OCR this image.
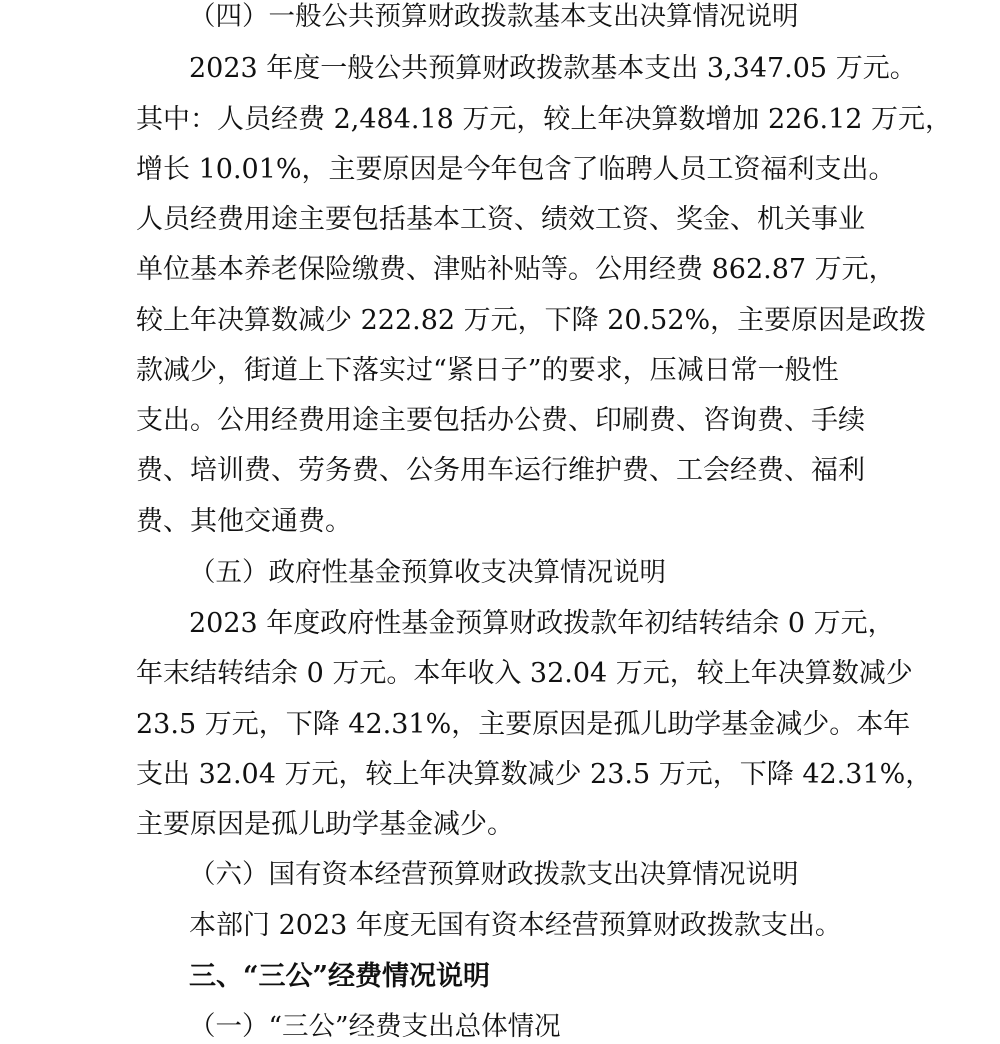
（四）一般公共预算财政拨款基本支出决算情况说明
2023 年度一般公共预算财政拨款基本支出 3,347.05 万元。
其中：人员经费 2,484.18 万元，较上年决算数增加 226.12 万元，
增长 10.01%，主要原因是今年包含了临聘人员工资福利支出。
人员经费用途主要包括基本工资、绩效工资、奖金、机关事业
单位基本养老保险缴费、津贴补贴等。公用经费 862.87 万元，
较上年决算数减少 222.82 万元，下降 20.52%，主要原因是政拨
款减少，街道上下落实过“紧日子”的要求，压减日常一般性
支出。公用经费用途主要包括办公费、印刷费、咨询费、手续
费、培训费、劳务费、公务用车运行维护费、工会经费、福利
费、其他交通费。
（五）政府性基金预算收支决算情况说明
2023 年度政府性基金预算财政拨款年初结转结余 0 万元，
年末结转结余 0 万元。本年收入 32.04 万元，较上年决算数减少
23.5 万元，下降 42.31%，主要原因是孤儿助学基金减少。本年
支出 32.04 万元，较上年决算数减少 23.5 万元，下降 42.31%，
主要原因是孤儿助学基金减少。
（六）国有资本经营预算财政拨款支出决算情况说明
本部门 2023 年度无国有资本经营预算财政拨款支出。
三、“三公”经费情况说明
（一）“三公”经费支出总体情况
